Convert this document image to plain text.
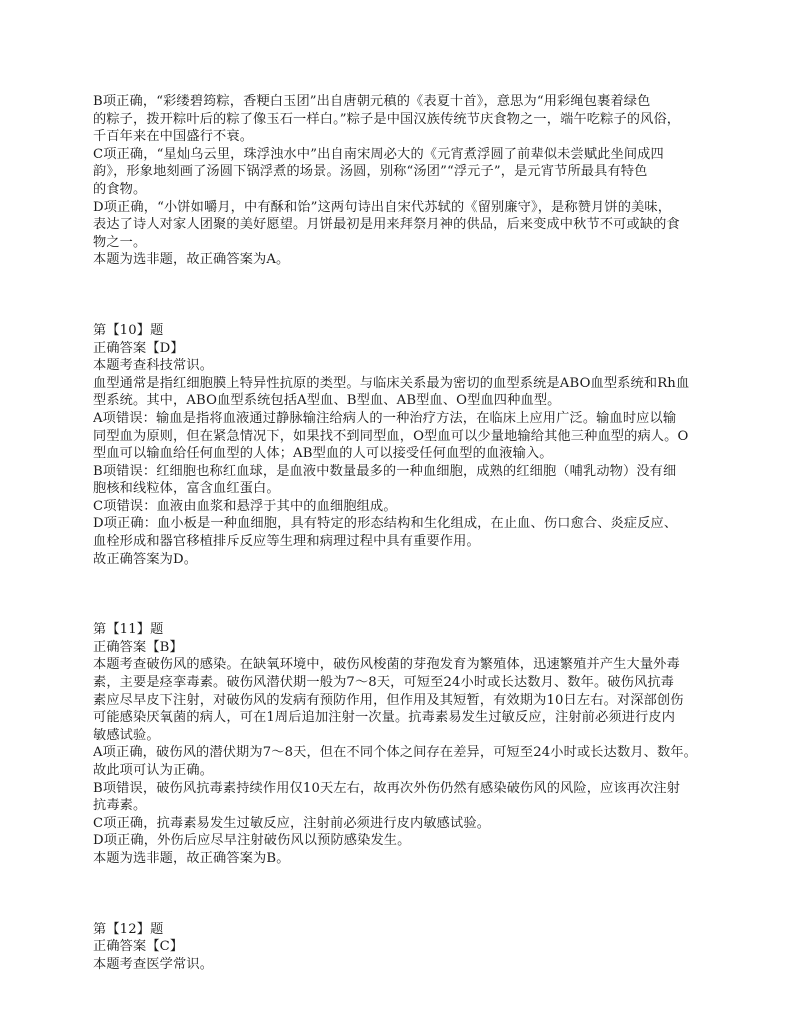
B项正确，“彩缕碧筠粽，香粳白玉团”出自唐朝元稹的《表夏十首》，意思为“用彩绳包裹着绿色
的粽子，拨开粽叶后的粽了像玉石一样白。”粽子是中国汉族传统节庆食物之一，端午吃粽子的风俗，
千百年来在中国盛行不衰。
C项正确，“星灿乌云里，珠浮浊水中”出自南宋周必大的《元宵煮浮圆了前辈似未尝赋此坐间成四
韵》，形象地刻画了汤圆下锅浮煮的场景。汤圆，别称“汤团”“浮元子”，是元宵节所最具有特色
的食物。
D项正确，“小饼如嚼月，中有酥和饴”这两句诗出自宋代苏轼的《留别廉守》，是称赞月饼的美味，
表达了诗人对家人团聚的美好愿望。月饼最初是用来拜祭月神的供品，后来变成中秋节不可或缺的食
物之一。
本题为选非题，故正确答案为A。
第【10】题
正确答案【D】
本题考查科技常识。
血型通常是指红细胞膜上特异性抗原的类型。与临床关系最为密切的血型系统是ABO血型系统和Rh血
型系统。其中，ABO血型系统包括A型血、B型血、AB型血、O型血四种血型。
A项错误：输血是指将血液通过静脉输注给病人的一种治疗方法，在临床上应用广泛。输血时应以输
同型血为原则，但在紧急情况下，如果找不到同型血，O型血可以少量地输给其他三种血型的病人。O
型血可以输血给任何血型的人体；AB型血的人可以接受任何血型的血液输入。
B项错误：红细胞也称红血球，是血液中数量最多的一种血细胞，成熟的红细胞（哺乳动物）没有细
胞核和线粒体，富含血红蛋白。
C项错误：血液由血浆和悬浮于其中的血细胞组成。
D项正确：血小板是一种血细胞，具有特定的形态结构和生化组成，在止血、伤口愈合、炎症反应、
血栓形成和器官移植排斥反应等生理和病理过程中具有重要作用。
故正确答案为D。
第【11】题
正确答案【B】
本题考查破伤风的感染。在缺氧环境中，破伤风梭菌的芽孢发育为繁殖体，迅速繁殖并产生大量外毒
素，主要是痉挛毒素。破伤风潜伏期一般为7～8天，可短至24小时或长达数月、数年。破伤风抗毒
素应尽早皮下注射，对破伤风的发病有预防作用，但作用及其短暂，有效期为10日左右。对深部创伤
可能感染厌氧菌的病人，可在1周后追加注射一次量。抗毒素易发生过敏反应，注射前必须进行皮内
敏感试验。
A项正确，破伤风的潜伏期为7～8天，但在不同个体之间存在差异，可短至24小时或长达数月、数年。
故此项可认为正确。
B项错误，破伤风抗毒素持续作用仅10天左右，故再次外伤仍然有感染破伤风的风险，应该再次注射
抗毒素。
C项正确，抗毒素易发生过敏反应，注射前必须进行皮内敏感试验。
D项正确，外伤后应尽早注射破伤风以预防感染发生。
本题为选非题，故正确答案为B。
第【12】题
正确答案【C】
本题考查医学常识。
